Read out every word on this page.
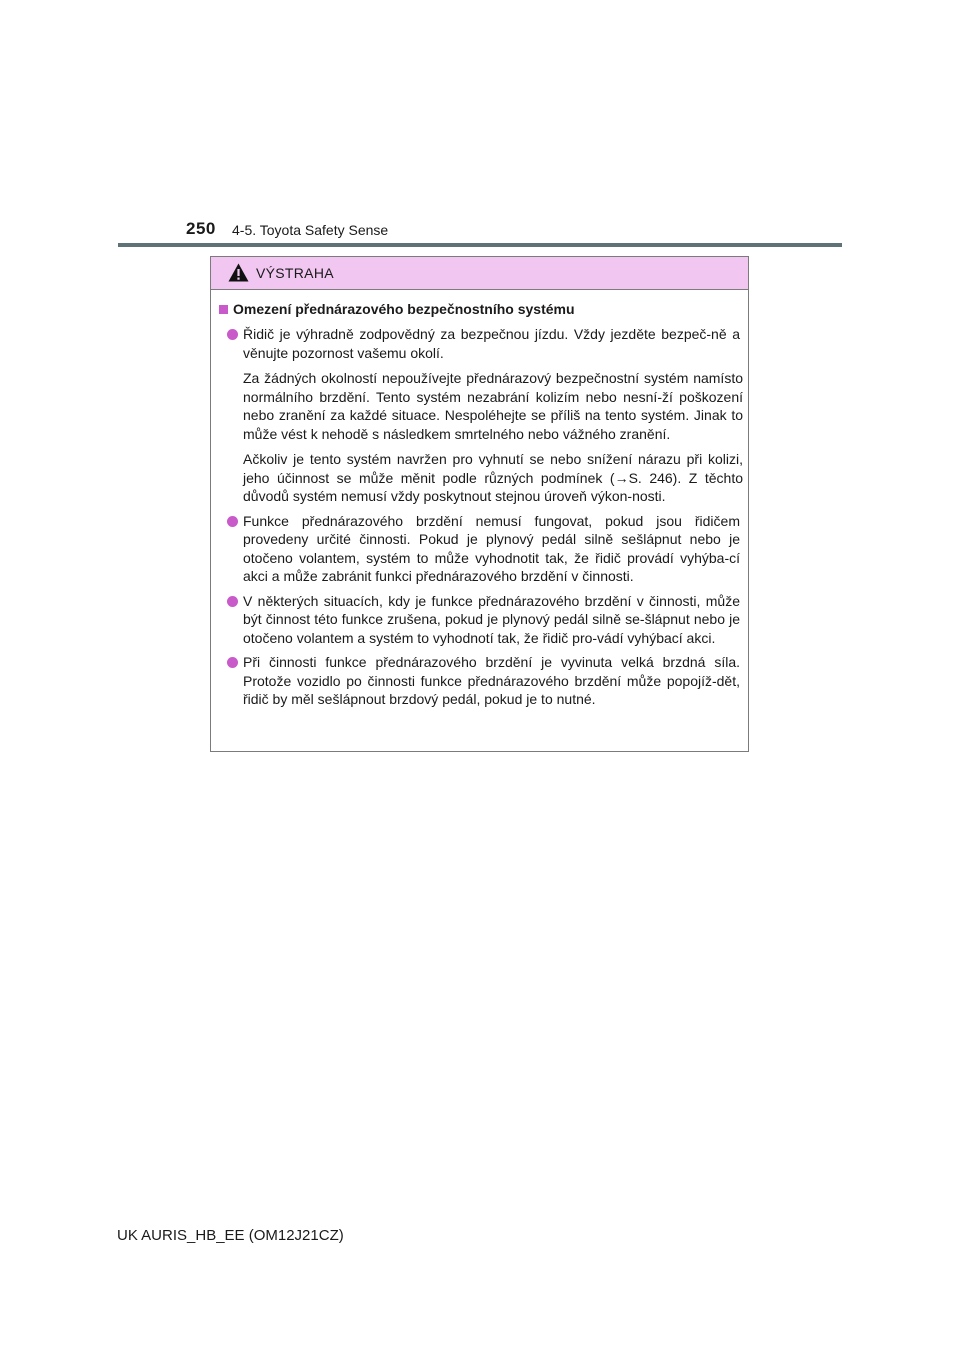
250 4-5. Toyota Safety Sense
VÝSTRAHA
Omezení přednárazového bezpečnostního systému
Řidič je výhradně zodpovědný za bezpečnou jízdu. Vždy jezděte bezpeč-ně a věnujte pozornost vašemu okolí.
Za žádných okolností nepoužívejte přednárazový bezpečnostní systém namísto normálního brzdění. Tento systém nezabrání kolizím nebo nesní-ží poškození nebo zranění za každé situace. Nespoléhejte se příliš na tento systém. Jinak to může vést k nehodě s následkem smrtelného nebo vážného zranění.
Ačkoliv je tento systém navržen pro vyhnutí se nebo snížení nárazu při kolizi, jeho účinnost se může měnit podle různých podmínek (→S. 246). Z těchto důvodů systém nemusí vždy poskytnout stejnou úroveň výkon-nosti.
Funkce přednárazového brzdění nemusí fungovat, pokud jsou řidičem provedeny určité činnosti. Pokud je plynový pedál silně sešlápnut nebo je otočeno volantem, systém to může vyhodnotit tak, že řidič provádí vyhýba-cí akci a může zabránit funkci přednárazového brzdění v činnosti.
V některých situacích, kdy je funkce přednárazového brzdění v činnosti, může být činnost této funkce zrušena, pokud je plynový pedál silně se-šlápnut nebo je otočeno volantem a systém to vyhodnotí tak, že řidič pro-vádí vyhýbací akci.
Při činnosti funkce přednárazového brzdění je vyvinuta velká brzdná síla. Protože vozidlo po činnosti funkce přednárazového brzdění může popojíž-dět, řidič by měl sešlápnout brzdový pedál, pokud je to nutné.
UK AURIS_HB_EE (OM12J21CZ)
